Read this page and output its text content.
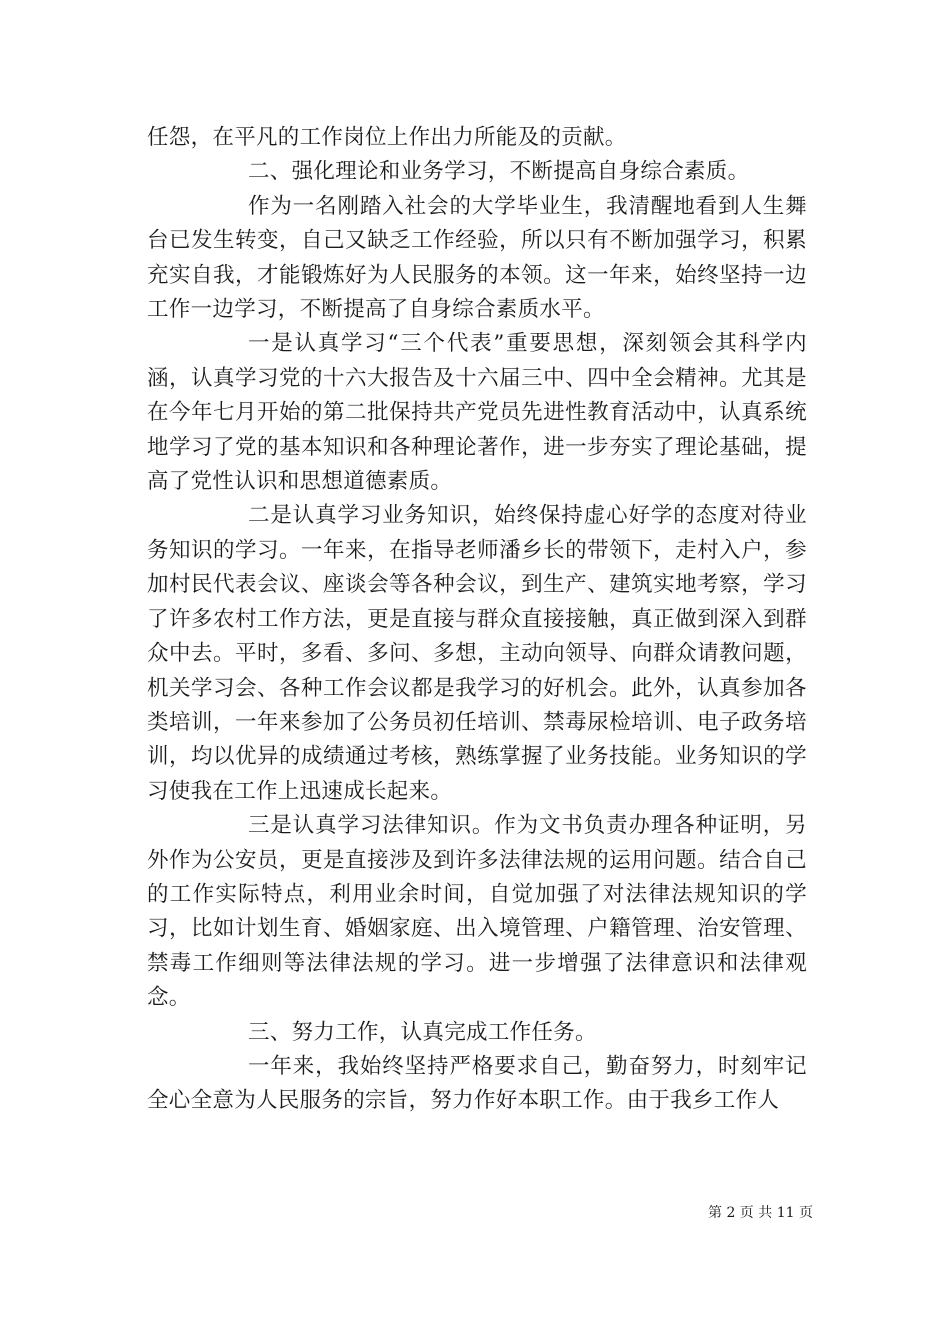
任怨，在平凡的工作岗位上作出力所能及的贡献。

二、强化理论和业务学习，不断提高自身综合素质。

作为一名刚踏入社会的大学毕业生，我清醒地看到人生舞台已发生转变，自己又缺乏工作经验，所以只有不断加强学习，积累充实自我，才能锻炼好为人民服务的本领。这一年来，始终坚持一边工作一边学习，不断提高了自身综合素质水平。

一是认真学习“三个代表”重要思想，深刻领会其科学内涵，认真学习党的十六大报告及十六届三中、四中全会精神。尤其是在今年七月开始的第二批保持共产党员先进性教育活动中，认真系统地学习了党的基本知识和各种理论著作，进一步夯实了理论基础，提高了党性认识和思想道德素质。

二是认真学习业务知识，始终保持虚心好学的态度对待业务知识的学习。一年来，在指导老师潘乡长的带领下，走村入户，参加村民代表会议、座谈会等各种会议，到生产、建筑实地考察，学习了许多农村工作方法，更是直接与群众直接接触，真正做到深入到群众中去。平时，多看、多问、多想，主动向领导、向群众请教问题，机关学习会、各种工作会议都是我学习的好机会。此外，认真参加各类培训，一年来参加了公务员初任培训、禁毒尿检培训、电子政务培训，均以优异的成绩通过考核，熟练掌握了业务技能。业务知识的学习使我在工作上迅速成长起来。

三是认真学习法律知识。作为文书负责办理各种证明，另外作为公安员，更是直接涉及到许多法律法规的运用问题。结合自己的工作实际特点，利用业余时间，自觉加强了对法律法规知识的学习，比如计划生育、婚姻家庭、出入境管理、户籍管理、治安管理、禁毒工作细则等法律法规的学习。进一步增强了法律意识和法律观念。

三、努力工作，认真完成工作任务。

一年来，我始终坚持严格要求自己，勤奋努力，时刻牢记全心全意为人民服务的宗旨，努力作好本职工作。由于我乡工作人

第 2 页 共 11 页
